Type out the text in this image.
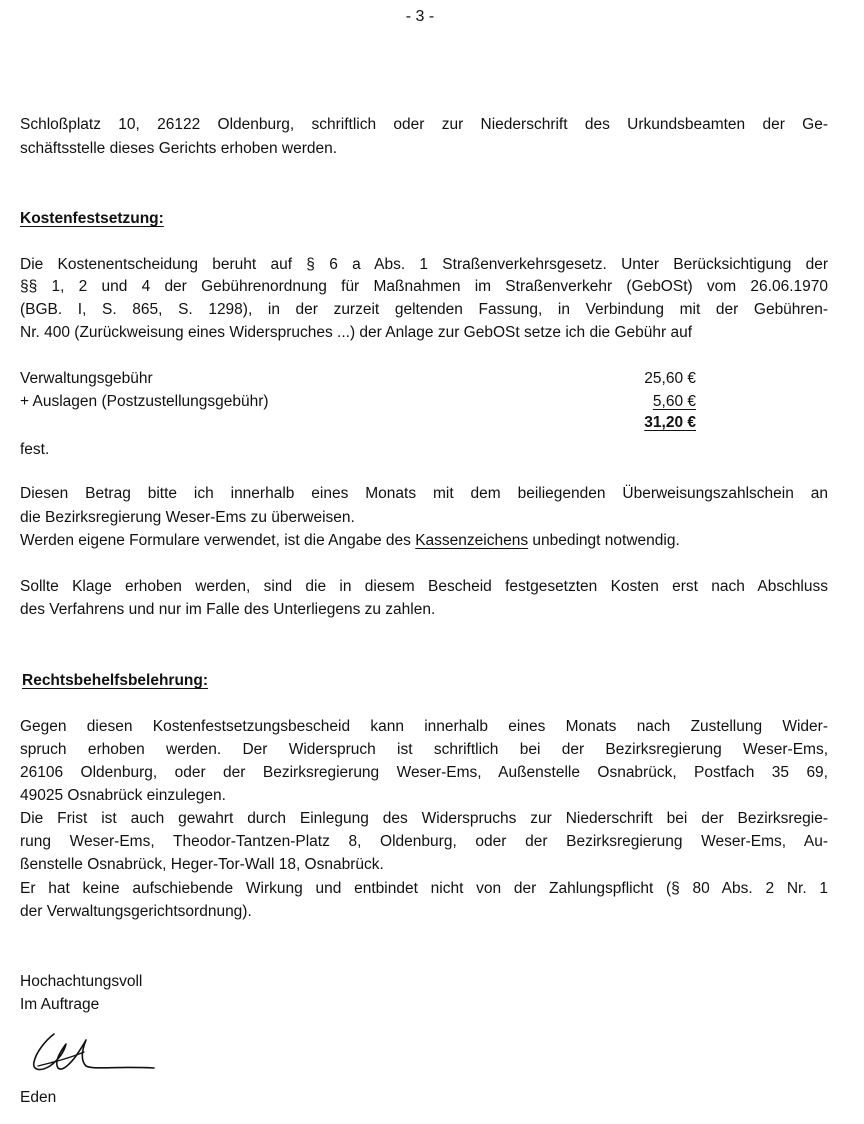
- 3 -
Schloßplatz 10, 26122 Oldenburg, schriftlich oder zur Niederschrift des Urkundsbeamten der Ge-
schäftsstelle dieses Gerichts erhoben werden.
Kostenfestsetzung:
Die Kostenentscheidung beruht auf § 6 a Abs. 1 Straßenverkehrsgesetz. Unter Berücksichtigung der
§§ 1, 2 und 4 der Gebührenordnung für Maßnahmen im Straßenverkehr (GebOSt) vom 26.06.1970
(BGB. I, S. 865, S. 1298), in der zurzeit geltenden Fassung, in Verbindung mit der Gebühren-
Nr. 400 (Zurückweisung eines Widerspruches ...) der Anlage zur GebOSt setze ich die Gebühr auf
Verwaltungsgebühr	25,60 €
+ Auslagen (Postzustellungsgebühr)	5,60 €
31,20 €
fest.
Diesen Betrag bitte ich innerhalb eines Monats mit dem beiliegenden Überweisungszahlschein an
die Bezirksregierung Weser-Ems zu überweisen.
Werden eigene Formulare verwendet, ist die Angabe des Kassenzeichens unbedingt notwendig.
Sollte Klage erhoben werden, sind die in diesem Bescheid festgesetzten Kosten erst nach Abschluss
des Verfahrens und nur im Falle des Unterliegens zu zahlen.
Rechtsbehelfsbelehrung:
Gegen diesen Kostenfestsetzungsbescheid kann innerhalb eines Monats nach Zustellung Wider-
spruch erhoben werden. Der Widerspruch ist schriftlich bei der Bezirksregierung Weser-Ems,
26106 Oldenburg, oder der Bezirksregierung Weser-Ems, Außenstelle Osnabrück, Postfach 35 69,
49025 Osnabrück einzulegen.
Die Frist ist auch gewahrt durch Einlegung des Widerspruchs zur Niederschrift bei der Bezirksregie-
rung Weser-Ems, Theodor-Tantzen-Platz 8, Oldenburg, oder der Bezirksregierung Weser-Ems, Au-
ßenstelle Osnabrück, Heger-Tor-Wall 18, Osnabrück.
Er hat keine aufschiebende Wirkung und entbindet nicht von der Zahlungspflicht (§ 80 Abs. 2 Nr. 1
der Verwaltungsgerichtsordnung).
Hochachtungsvoll
Im Auftrage
Eden
